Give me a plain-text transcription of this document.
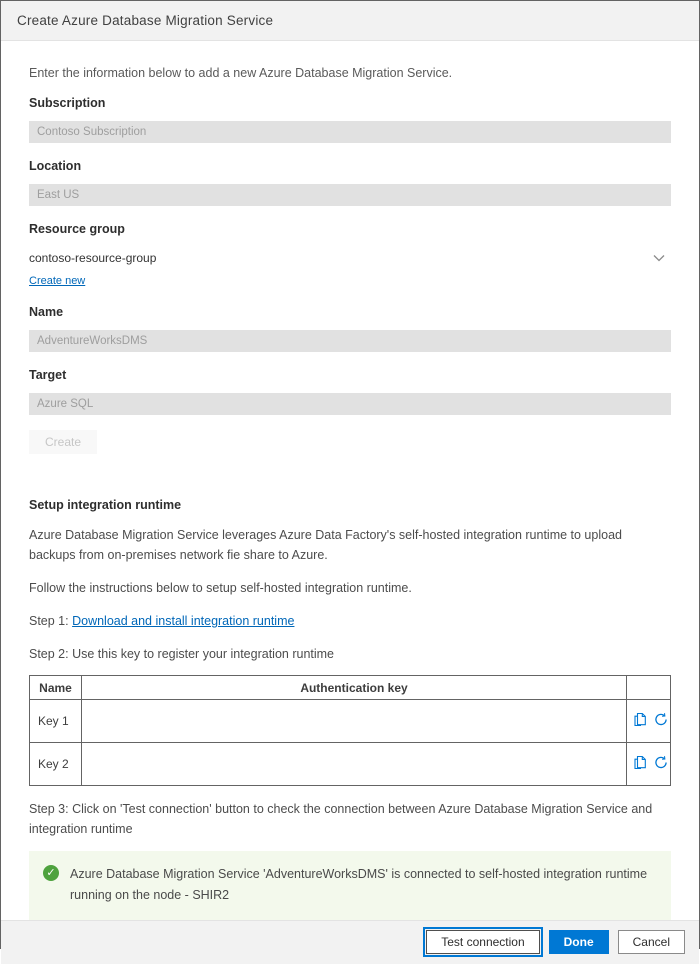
Create Azure Database Migration Service

Enter the information below to add a new Azure Database Migration Service.

Subscription
Contoso Subscription
Location
East US
Resource group
contoso-resource-group
Create new
Name
AdventureWorksDMS
Target
Azure SQL Create
Setup integration runtime

Azure Database Migration Service leverages Azure Data Factory's self-hosted integration runtime to upload backups from on-premises network fie share to Azure.

Follow the instructions below to setup self-hosted integration runtime.

Step 1: Download and install integration runtime

Step 2: Use this key to register your integration runtime

Name	Authentication key	
Key 1		
Key 2		

Step 3: Click on 'Test connection' button to check the connection between Azure Database Migration Service and integration runtime

✓ Azure Database Migration Service 'AdventureWorksDMS' is connected to self-hosted integration runtime running on the node - SHIR2
Test connection	Done	Cancel
